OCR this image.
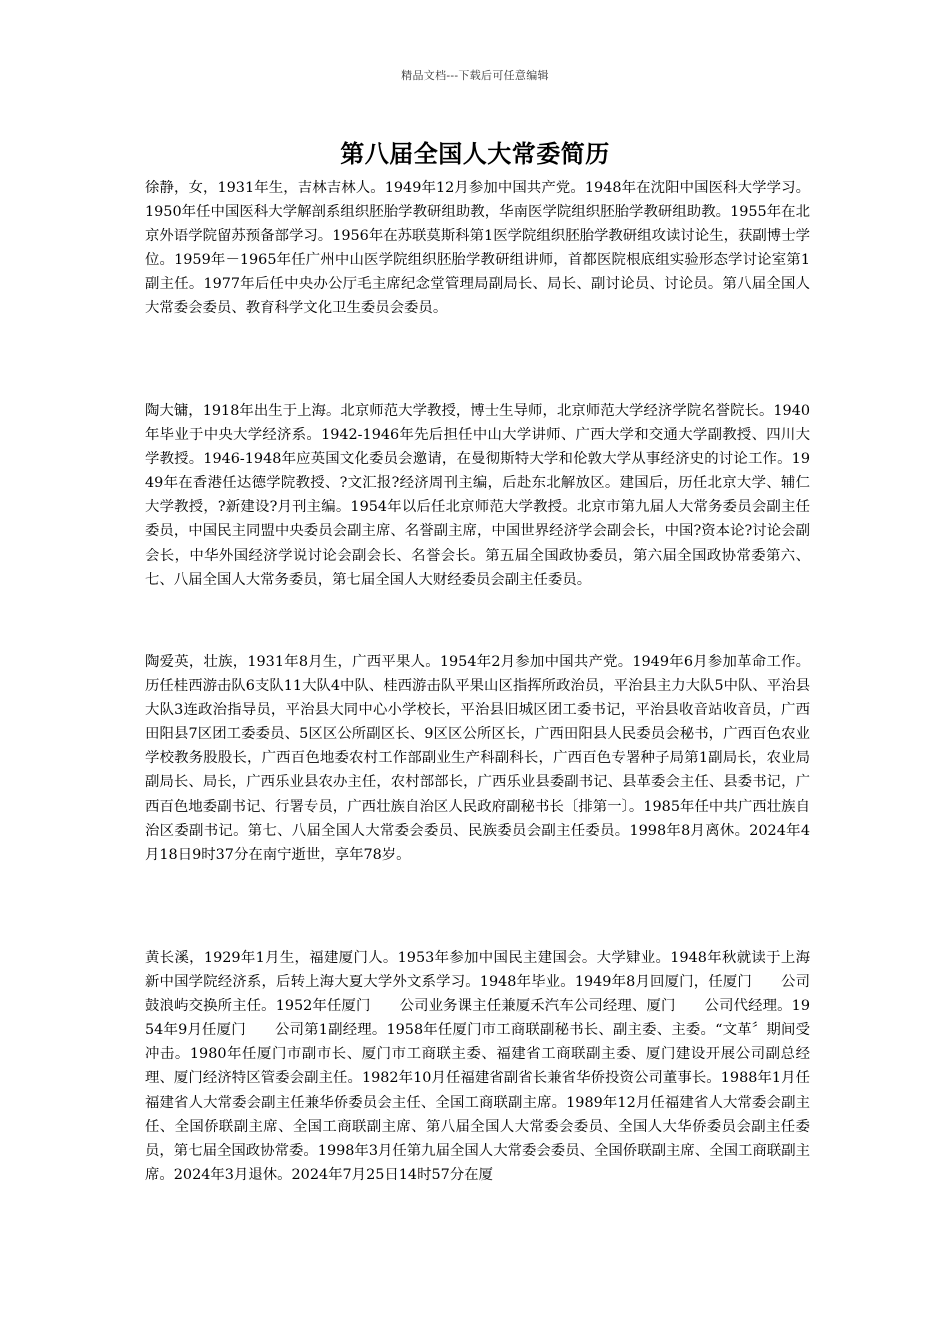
精品文档---下载后可任意编辑
第八届全国人大常委简历

徐静，女，1931年生，吉林吉林人。1949年12月参加中国共产党。1948年在沈阳中国医科大学学习。1950年任中国医科大学解剖系组织胚胎学教研组助教，华南医学院组织胚胎学教研组助教。1955年在北京外语学院留苏预备部学习。1956年在苏联莫斯科第1医学院组织胚胎学教研组攻读讨论生，获副博士学位。1959年－1965年任广州中山医学院组织胚胎学教研组讲师，首都医院根底组实验形态学讨论室第1副主任。1977年后任中央办公厅毛主席纪念堂管理局副局长、局长、副讨论员、讨论员。第八届全国人大常委会委员、教育科学文化卫生委员会委员。

陶大镛，1918年出生于上海。北京师范大学教授，博士生导师，北京师范大学经济学院名誉院长。1940年毕业于中央大学经济系。1942-1946年先后担任中山大学讲师、广西大学和交通大学副教授、四川大学教授。1946-1948年应英国文化委员会邀请，在曼彻斯特大学和伦敦大学从事经济史的讨论工作。1949年在香港任达德学院教授、?文汇报?经济周刊主编，后赴东北解放区。建国后，历任北京大学、辅仁大学教授，?新建设?月刊主编。1954年以后任北京师范大学教授。北京市第九届人大常务委员会副主任委员，中国民主同盟中央委员会副主席、名誉副主席，中国世界经济学会副会长，中国?资本论?讨论会副会长，中华外国经济学说讨论会副会长、名誉会长。第五届全国政协委员，第六届全国政协常委第六、七、八届全国人大常务委员，第七届全国人大财经委员会副主任委员。

陶爱英，壮族，1931年8月生，广西平果人。1954年2月参加中国共产党。1949年6月参加革命工作。历任桂西游击队6支队11大队4中队、桂西游击队平果山区指挥所政治员，平治县主力大队5中队、平治县大队3连政治指导员，平治县大同中心小学校长，平治县旧城区团工委书记，平治县收音站收音员，广西田阳县7区团工委委员、5区区公所副区长、9区区公所区长，广西田阳县人民委员会秘书，广西百色农业学校教务股股长，广西百色地委农村工作部副业生产科副科长，广西百色专署种子局第1副局长，农业局副局长、局长，广西乐业县农办主任，农村部部长，广西乐业县委副书记、县革委会主任、县委书记，广西百色地委副书记、行署专员，广西壮族自治区人民政府副秘书长〔排第一〕。1985年任中共广西壮族自治区委副书记。第七、八届全国人大常委会委员、民族委员会副主任委员。1998年8月离休。2024年4月18日9时37分在南宁逝世，享年78岁。

黄长溪，1929年1月生，福建厦门人。1953年参加中国民主建国会。大学肄业。1948年秋就读于上海新中国学院经济系，后转上海大夏大学外文系学习。1948年毕业。1949年8月回厦门，任厦门　　公司鼓浪屿交换所主任。1952年任厦门　　公司业务课主任兼厦禾汽车公司经理、厦门　　公司代经理。1954年9月任厦门　　公司第1副经理。1958年任厦门市工商联副秘书长、副主委、主委。“文革〞期间受冲击。1980年任厦门市副市长、厦门市工商联主委、福建省工商联副主委、厦门建设开展公司副总经理、厦门经济特区管委会副主任。1982年10月任福建省副省长兼省华侨投资公司董事长。1988年1月任福建省人大常委会副主任兼华侨委员会主任、全国工商联副主席。1989年12月任福建省人大常委会副主任、全国侨联副主席、全国工商联副主席、第八届全国人大常委会委员、全国人大华侨委员会副主任委员，第七届全国政协常委。1998年3月任第九届全国人大常委会委员、全国侨联副主席、全国工商联副主席。2024年3月退休。2024年7月25日14时57分在厦
